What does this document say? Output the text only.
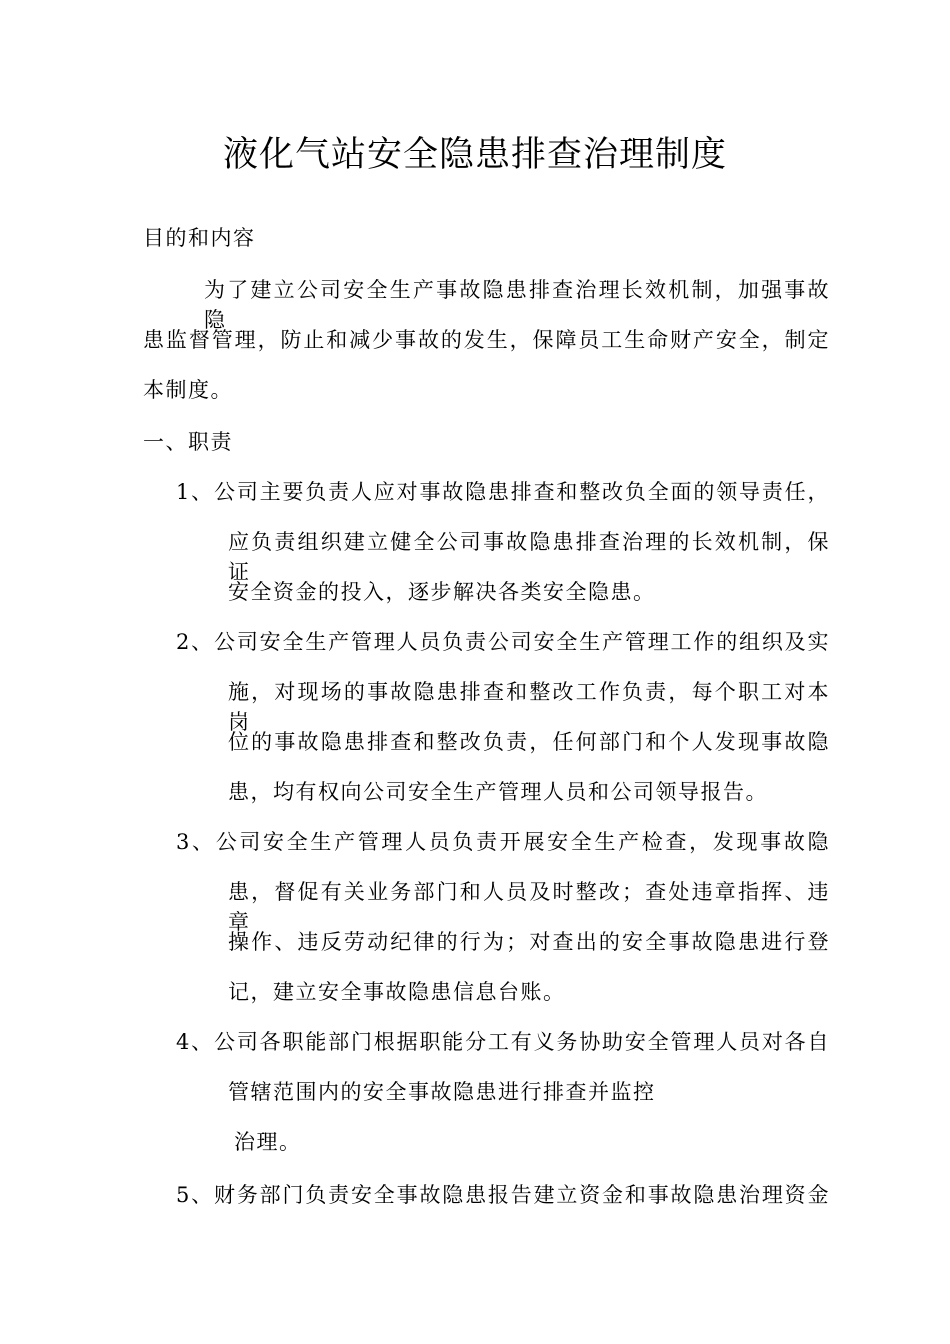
液化气站安全隐患排查治理制度
目的和内容
为了建立公司安全生产事故隐患排查治理长效机制，加强事故隐
患监督管理，防止和减少事故的发生，保障员工生命财产安全，制定
本制度。
一、职责
1、公司主要负责人应对事故隐患排查和整改负全面的领导责任，
应负责组织建立健全公司事故隐患排查治理的长效机制，保证
安全资金的投入，逐步解决各类安全隐患。
2、公司安全生产管理人员负责公司安全生产管理工作的组织及实
施，对现场的事故隐患排查和整改工作负责，每个职工对本岗
位的事故隐患排查和整改负责，任何部门和个人发现事故隐
患，均有权向公司安全生产管理人员和公司领导报告。
3、公司安全生产管理人员负责开展安全生产检查，发现事故隐
患，督促有关业务部门和人员及时整改；查处违章指挥、违章
操作、违反劳动纪律的行为；对查出的安全事故隐患进行登
记，建立安全事故隐患信息台账。
4、公司各职能部门根据职能分工有义务协助安全管理人员对各自
管辖范围内的安全事故隐患进行排查并监控
治理。
5、财务部门负责安全事故隐患报告建立资金和事故隐患治理资金
